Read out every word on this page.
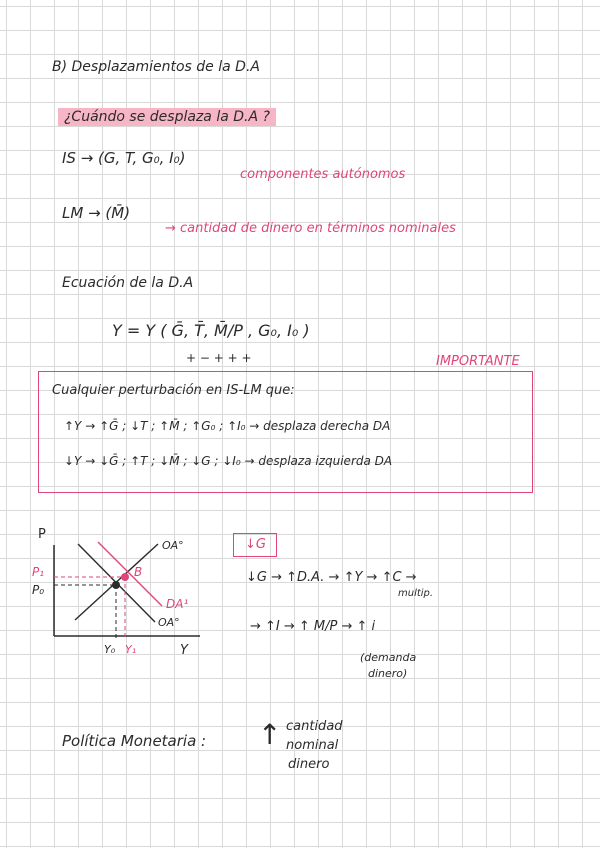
B) Desplazamientos de la D.A
¿Cuándo se desplaza la D.A ?
IS → (G, T, G₀, I₀)
componentes autónomos
LM → (M̄)
→ cantidad de dinero en términos nominales
Ecuación de la D.A
Y = Y ( Ḡ, T̄, M̄/P , G₀, I₀ )
+ − + + +	IMPORTANTE
Cualquier perturbación en IS-LM que:
↑Y → ↑Ḡ ; ↓T ; ↑M̄ ; ↑G₀ ; ↑I₀ → desplaza derecha DA
↓Y → ↓Ḡ ; ↑T ; ↓M̄ ; ↓G ; ↓I₀ → desplaza izquierda DA
P
Y
P₁
P₀
Y₀ Y₁
OA°
DA¹
OA°
B
↓G
↓G → ↑D.A. → ↑Y → ↑C →
multip.
→ ↑I → ↑ M/P → ↑ i
(demanda
dinero)
Política Monetaria : ↑ cantidad
nominal
dinero
